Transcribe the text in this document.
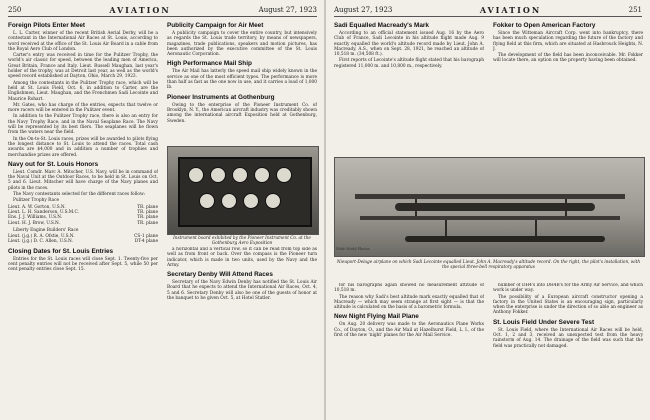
250	AVIATION	August 27, 1923
Foreign Pilots Enter Meet

L. L. Carter, winner of the recent British Aerial Derby, will be a contestant in the International Air Races at St. Louis, according to word received at the office of the St. Louis Air Board in a cable from the Royal Aero Club of London.

Carter's entry was received in time for the Pulitzer Trophy, the world's air classic for speed, between the leading men of America, Great Britain, France and Italy. Lieut. Russell Maughan, last year's holder of the trophy, was at Detroit last year, as well as the world's speed record established at Dayton, Ohio, March 29, 1923.

Among the contestants in the Pulitzer Trophy race, which will be held at St. Louis Field, Oct. 6, in addition to Carter, are the Englishmen, Lieut. Maughan, and the Frenchmen Sadi Lecointe and Maurice Rohart.

Mr. Gates, who has charge of the entries, expects that twelve or more racers will be entered in the Pulitzer event.

In addition to the Pulitzer Trophy race, there is also an entry for the Navy Trophy Race, and in the Naval Seaplane Race. The Navy will be represented by its best fliers. The seaplanes will be flown from the waters near the field.

In the On-to-St. Louis races, prizes will be awarded to pilots flying the longest distance to St. Louis to attend the races. Total cash awards are $4,000 and in addition a number of trophies and merchandise prizes are offered.

Navy out for St. Louis Honors

Lieut. Comdr. Marc A. Mitscher, U.S. Navy, will be in command of the Naval Unit at the Outdoor Races, to be held in St. Louis on Oct. 5 and 6. Lieut. Mitscher will have charge of the Navy planes and pilots in the races.

The Navy contestants selected for the different races follow:

Pulitzer Trophy Race

Lieut. A. W. Gorton, U.S.N.	TR. plane
Lieut. L. H. Sanderson, U.S.M.C.	TR. plane
Ens. J. J. Williams, U.S.N.	TR. plane
Lieut. H. J. Brow, U.S.N.	TR. plane

Liberty Engine Builders' Race

Lieut. (j.g.) R. A. Ofstie, U.S.N.	CS-1 plane
Lieut. (j.g.) D. C. Allen, U.S.N.	DT-4 plane
Closing Dates for St. Louis Entries

Entries for the St. Louis races will close Sept. 1. Twenty-five per cent penalty entries will not be received after Sept. 5, while 50 per cent penalty entries close Sept. 15.

Publicity Campaign for Air Meet

A publicity campaign to cover the entire country, but intensively as regards the St. Louis trade territory, by means of newspapers, magazines, trade publications, speakers and motion pictures, has been authorized by the executive committee of the St. Louis Aeronautic Corporation.

High Performance Mail Ship

The Air Mail has latterly the speed mail ship widely known in the service as one of the most efficient types. The performance is more than half as fast as the one now in use, and it carries a load of 1,000 lb.

Pioneer Instruments at Gothenburg

Owing to the enterprise of the Pioneer Instrument Co. of Brooklyn, N. Y., the American aircraft industry was creditably shown among the international aircraft Exposition held at Gothenburg, Sweden.

Instrument board exhibited by the Pioneer Instrument Co. at the Gothenburg Aero Exposition

a horizontal and a vertical row, so it can be read from top side as well as from front or back. Over the compass is the Pioneer turn indicator, which is made in two units, used by the Navy and the Army.

Secretary Denby Will Attend Races

Secretary of the Navy Edwin Denby has notified the St. Louis Air Board that he expects to attend the International Air Races, Oct. 4, 5 and 6. Secretary Denby will also be one of the guests of honor at the banquet to be given Oct. 5, at Hotel Statler.

August 27, 1923	AVIATION	251
Sadi Equalled Macready's Mark

According to an official statement issued Aug. 16 by the Aero Club of France, Sadi Lecointe in his altitude flight made Aug. 9 exactly equalled the world's altitude record made by Lieut. John A. Macready, A.S., when on Sept. 28, 1921, he reached an altitude of 10,518 m. (34,508 ft.).

First reports of Lecointe's altitude flight stated that his barograph registered 11,000 m. and 10,800 m., respectively.

Fokker to Open American Factory

Since the Witteman Aircraft Corp. went into bankruptcy, there has been much speculation regarding the future of the factory and flying field at this firm, which are situated at Hasbrouck Heights, N. J.

The development of the field has been inconceivable. Mr. Fokker will locate there, an option on the property having been obtained.

Wide World Photos
Nieuport-Delage airplane on which Sadi Lecointe equalled Lieut. John A. Macready's altitude record. On the right, the pilot's installation, with the special three-bell respiratory apparatus

for his barographs again showed no measurement attitude of 10,518 m.

The reason why Sadi's best altitude mark exactly equalled that of Macready — which may seem strange at first sight — is that the altitude is calculated on the basis of a barometric formula.

New Night Flying Mail Plane

On Aug. 20 delivery was made to the Aeronautics Plane Works Co., of Dayton, O., and the Air Mail at Hazelhurst Field, L. I., of the first of the new 'night' planes for the Air Mail Service.

number of DH4's into DH4B's for the Army Air Service, and which work is under way.

The possibility of a European aircraft constructor opening a factory in the United States is an encouraging sign, particularly when the enterprise is under the direction of so able an engineer as Anthony Fokker.

St. Louis Field Under Severe Test

St. Louis Field, where the International Air Races will be held, Oct. 1, 2 and 3, received an unexpected test from the heavy rainstorm of Aug. 14. The drainage of the field was such that the field was practically not damaged.
